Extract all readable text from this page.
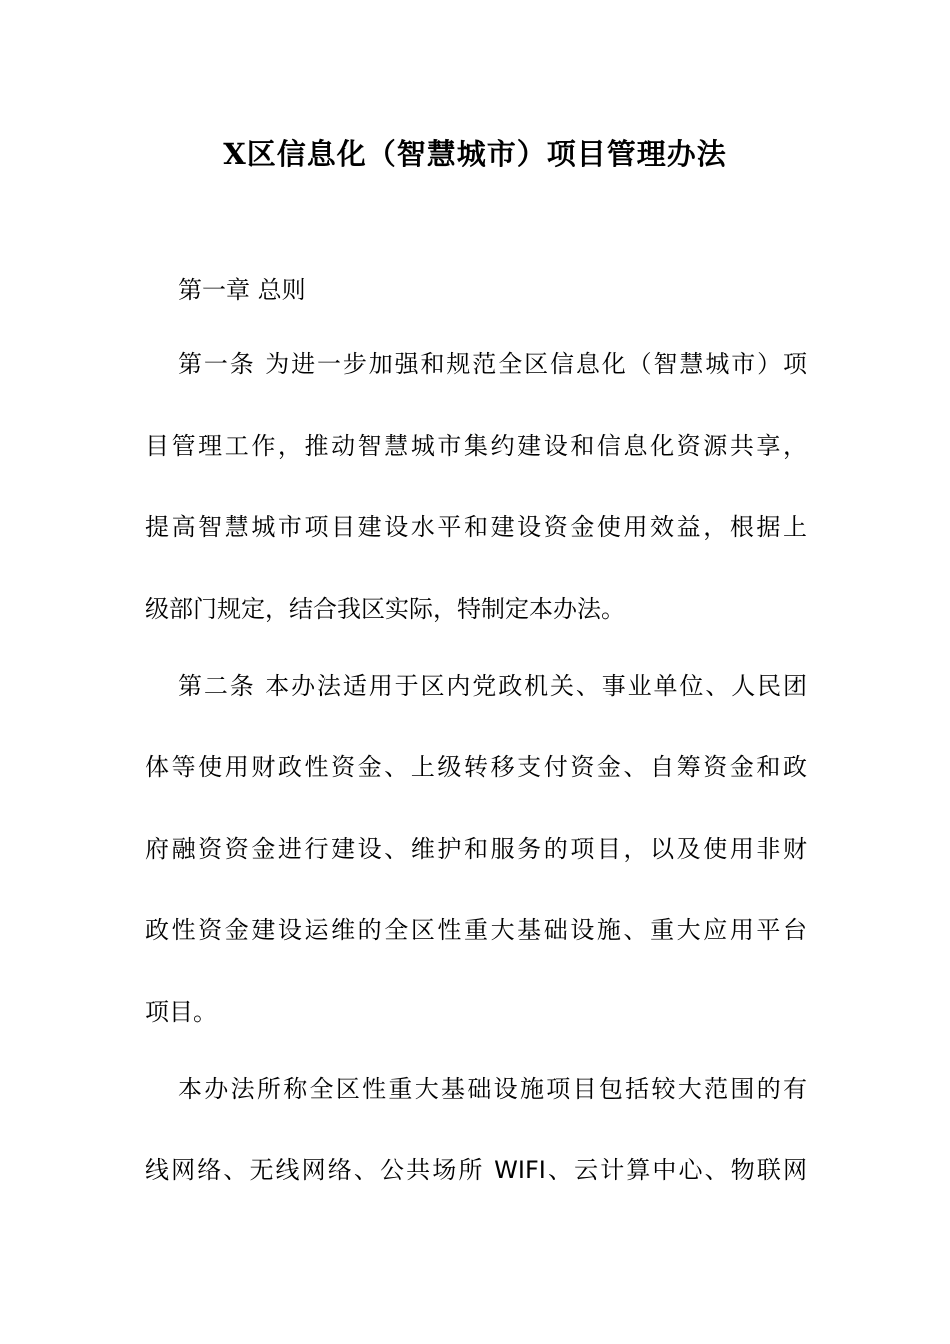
X区信息化（智慧城市）项目管理办法
第一章 总则
第一条 为进一步加强和规范全区信息化（智慧城市）项
目管理工作，推动智慧城市集约建设和信息化资源共享，
提高智慧城市项目建设水平和建设资金使用效益，根据上
级部门规定，结合我区实际，特制定本办法。
第二条 本办法适用于区内党政机关、事业单位、人民团
体等使用财政性资金、上级转移支付资金、自筹资金和政
府融资资金进行建设、维护和服务的项目，以及使用非财
政性资金建设运维的全区性重大基础设施、重大应用平台
项目。
本办法所称全区性重大基础设施项目包括较大范围的有
线网络、无线网络、公共场所 WIFI、云计算中心、物联网
